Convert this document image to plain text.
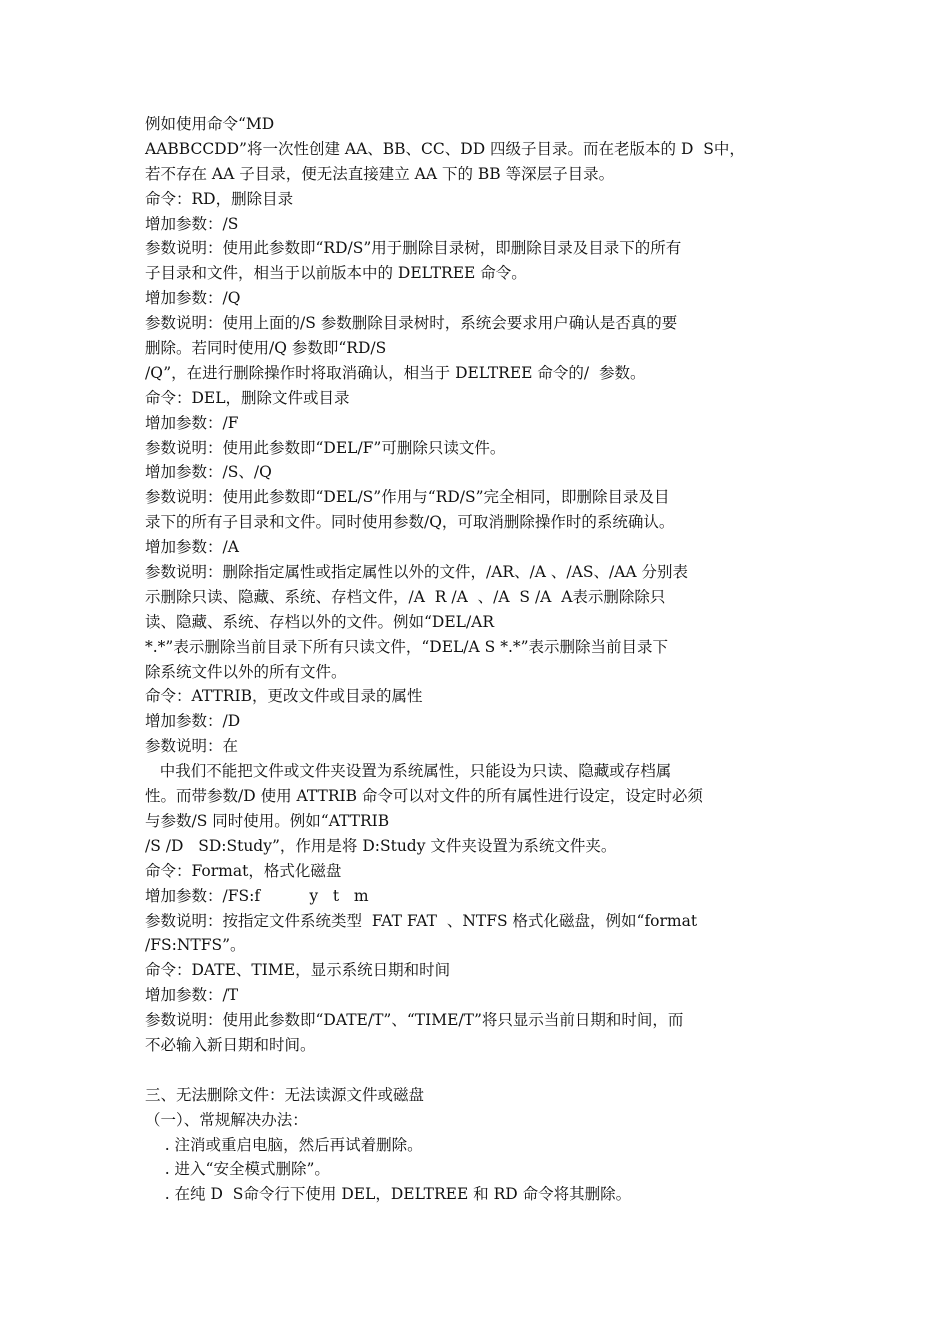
例如使用命令“MD
AABBCCDD”将一次性创建 AA、BB、CC、DD 四级子目录。而在老版本的 D  S中，
若不存在 AA 子目录，便无法直接建立 AA 下的 BB 等深层子目录。
命令：RD，删除目录
增加参数：/S
参数说明：使用此参数即“RD/S”用于删除目录树，即删除目录及目录下的所有
子目录和文件，相当于以前版本中的 DELTREE 命令。
增加参数：/Q
参数说明：使用上面的/S 参数删除目录树时，系统会要求用户确认是否真的要
删除。若同时使用/Q 参数即“RD/S
/Q”，在进行删除操作时将取消确认，相当于 DELTREE 命令的/  参数。
命令：DEL，删除文件或目录
增加参数：/F
参数说明：使用此参数即“DEL/F”可删除只读文件。
增加参数：/S、/Q
参数说明：使用此参数即“DEL/S”作用与“RD/S”完全相同，即删除目录及目
录下的所有子目录和文件。同时使用参数/Q，可取消删除操作时的系统确认。
增加参数：/A
参数说明：删除指定属性或指定属性以外的文件，/AR、/A 、/AS、/AA 分别表
示删除只读、隐藏、系统、存档文件，/A  R /A  、/A  S /A  A表示删除除只
读、隐藏、系统、存档以外的文件。例如“DEL/AR
*.*”表示删除当前目录下所有只读文件，“DEL/A S *.*”表示删除当前目录下
除系统文件以外的所有文件。
命令：ATTRIB，更改文件或目录的属性
增加参数：/D
参数说明：在
中我们不能把文件或文件夹设置为系统属性，只能设为只读、隐藏或存档属
性。而带参数/D 使用 ATTRIB 命令可以对文件的所有属性进行设定，设定时必须
与参数/S 同时使用。例如“ATTRIB
/S /D   SD:Study”，作用是将 D:Study 文件夹设置为系统文件夹。
命令：Format，格式化磁盘
增加参数：/FS:f          y   t   m
参数说明：按指定文件系统类型  FAT FAT  、NTFS 格式化磁盘，例如“format
/FS:NTFS”。
命令：DATE、TIME，显示系统日期和时间
增加参数：/T
参数说明：使用此参数即“DATE/T”、“TIME/T”将只显示当前日期和时间，而
不必输入新日期和时间。
三、无法删除文件：无法读源文件或磁盘
（一）、常规解决办法：
. 注消或重启电脑，然后再试着删除。
. 进入“安全模式删除”。
. 在纯 D  S命令行下使用 DEL，DELTREE 和 RD 命令将其删除。
